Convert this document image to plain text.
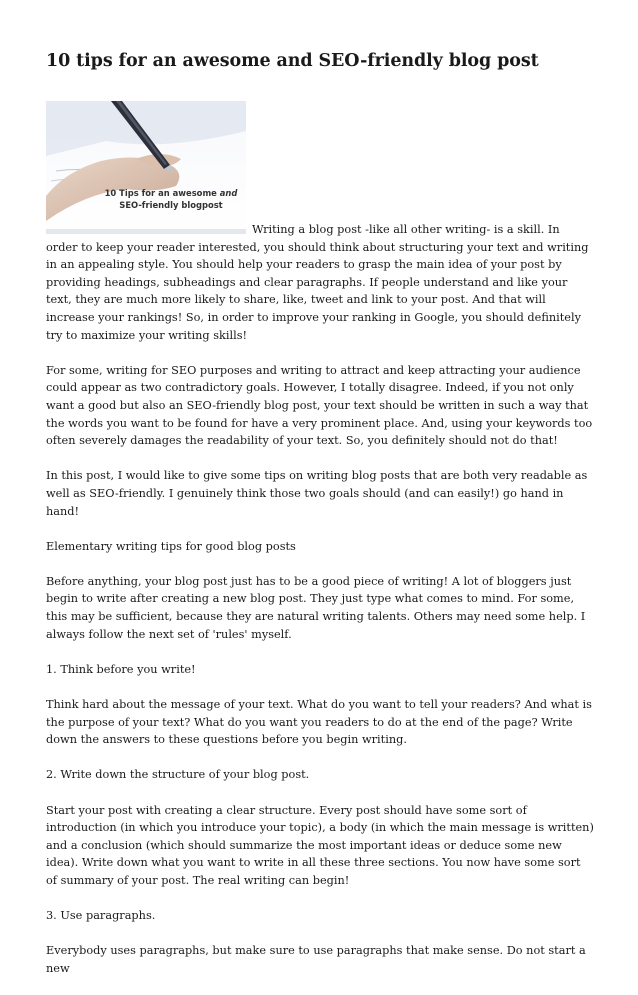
10 tips for an awesome and SEO-friendly blog post
10 Tips for an awesome and
SEO-friendly blogpost

Writing a blog post -like all other writing- is a skill. In order to keep your reader interested, you should think about structuring your text and writing in an appealing style. You should help your readers to grasp the main idea of your post by providing headings, subheadings and clear paragraphs. If people understand and like your text, they are much more likely to share, like, tweet and link to your post. And that will increase your rankings! So, in order to improve your ranking in Google, you should definitely try to maximize your writing skills!

For some, writing for SEO purposes and writing to attract and keep attracting your audience could appear as two contradictory goals. However, I totally disagree. Indeed, if you not only want a good but also an SEO-friendly blog post, your text should be written in such a way that the words you want to be found for have a very prominent place. And, using your keywords too often severely damages the readability of your text. So, you definitely should not do that!

In this post, I would like to give some tips on writing blog posts that are both very readable as well as SEO-friendly. I genuinely think those two goals should (and can easily!) go hand in hand!

Elementary writing tips for good blog posts

Before anything, your blog post just has to be a good piece of writing! A lot of bloggers just begin to write after creating a new blog post. They just type what comes to mind. For some, this may be sufficient, because they are natural writing talents. Others may need some help. I always follow the next set of 'rules' myself.

1. Think before you write!

Think hard about the message of your text. What do you want to tell your readers? And what is the purpose of your text? What do you want you readers to do at the end of the page? Write down the answers to these questions before you begin writing.

2. Write down the structure of your blog post.

Start your post with creating a clear structure. Every post should have some sort of introduction (in which you introduce your topic), a body (in which the main message is written) and a conclusion (which should summarize the most important ideas or deduce some new idea). Write down what you want to write in all these three sections. You now have some sort of summary of your post. The real writing can begin!

3. Use paragraphs.

Everybody uses paragraphs, but make sure to use paragraphs that make sense. Do not start a new
